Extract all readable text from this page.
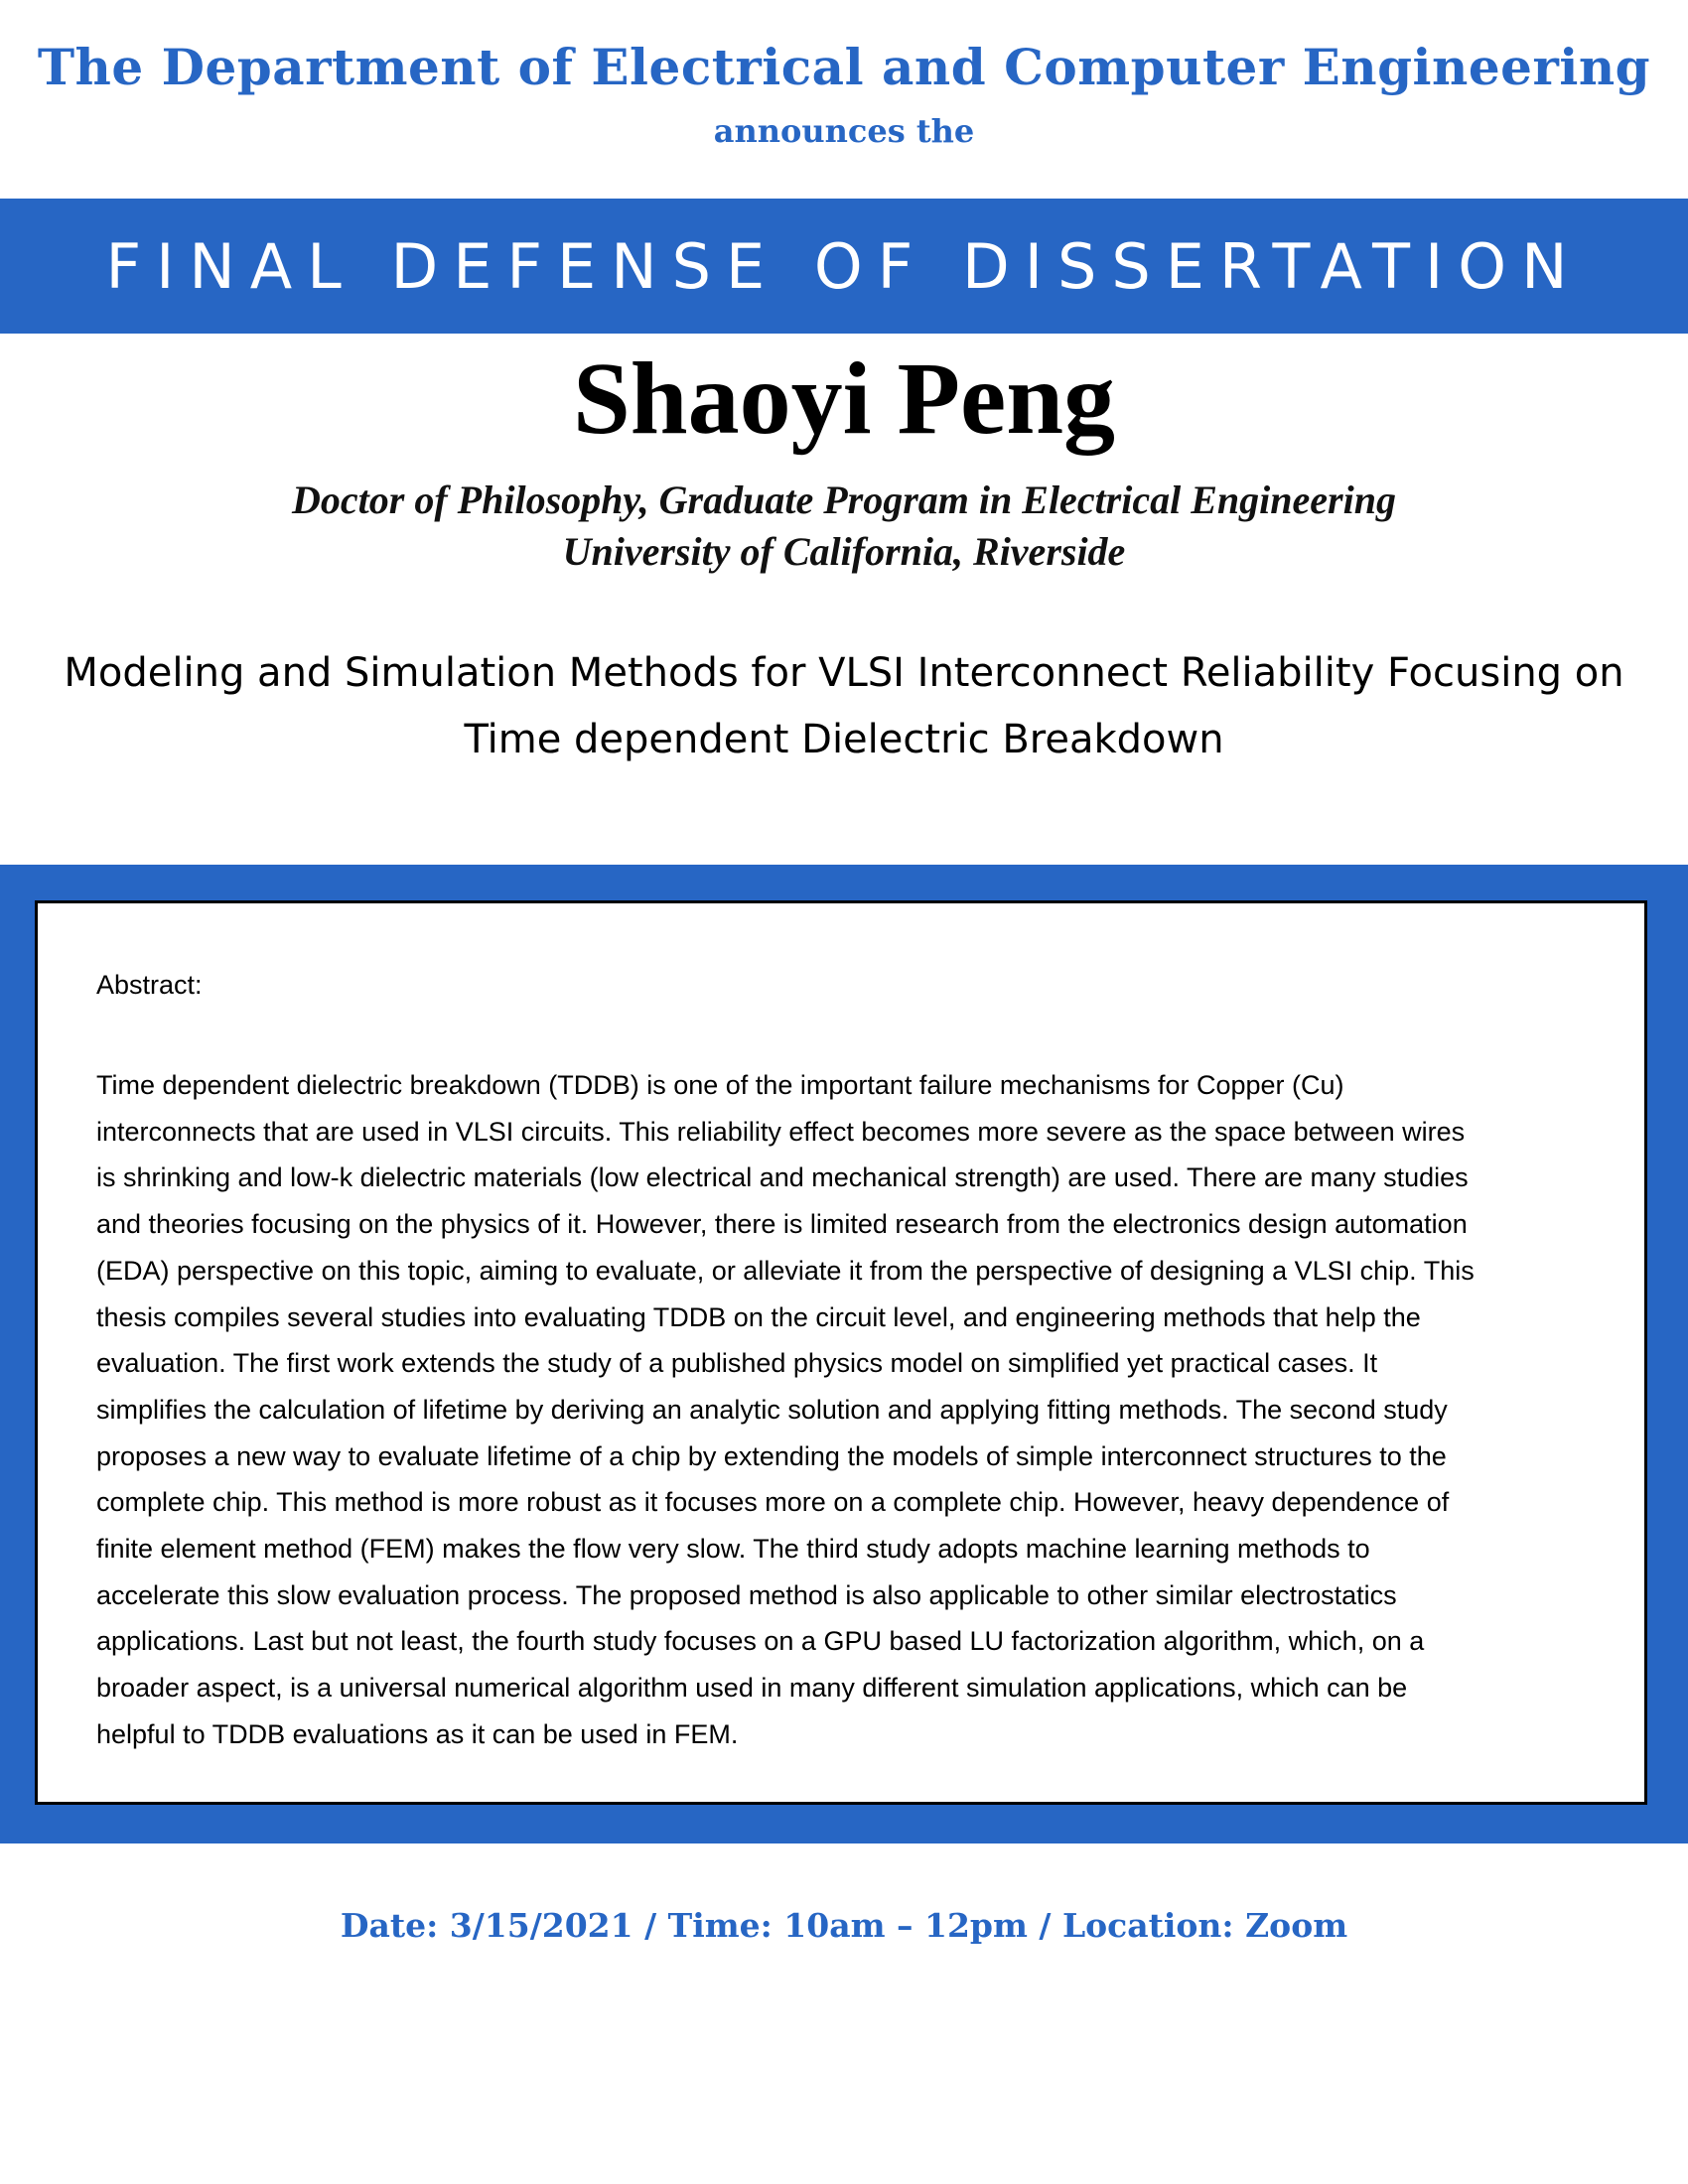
The Department of Electrical and Computer Engineering
announces the
FINAL DEFENSE OF DISSERTATION
Shaoyi Peng
Doctor of Philosophy, Graduate Program in Electrical Engineering
University of California, Riverside
Modeling and Simulation Methods for VLSI Interconnect Reliability Focusing on
Time dependent Dielectric Breakdown
Abstract:
Time dependent dielectric breakdown (TDDB) is one of the important failure mechanisms for Copper (Cu)
interconnects that are used in VLSI circuits. This reliability effect becomes more severe as the space between wires
is shrinking and low-k dielectric materials (low electrical and mechanical strength) are used. There are many studies
and theories focusing on the physics of it. However, there is limited research from the electronics design automation
(EDA) perspective on this topic, aiming to evaluate, or alleviate it from the perspective of designing a VLSI chip. This
thesis compiles several studies into evaluating TDDB on the circuit level, and engineering methods that help the
evaluation. The first work extends the study of a published physics model on simplified yet practical cases. It
simplifies the calculation of lifetime by deriving an analytic solution and applying fitting methods. The second study
proposes a new way to evaluate lifetime of a chip by extending the models of simple interconnect structures to the
complete chip. This method is more robust as it focuses more on a complete chip. However, heavy dependence of
finite element method (FEM) makes the flow very slow. The third study adopts machine learning methods to
accelerate this slow evaluation process. The proposed method is also applicable to other similar electrostatics
applications. Last but not least, the fourth study focuses on a GPU based LU factorization algorithm, which, on a
broader aspect, is a universal numerical algorithm used in many different simulation applications, which can be
helpful to TDDB evaluations as it can be used in FEM.
Date: 3/15/2021 / Time: 10am – 12pm / Location: Zoom
